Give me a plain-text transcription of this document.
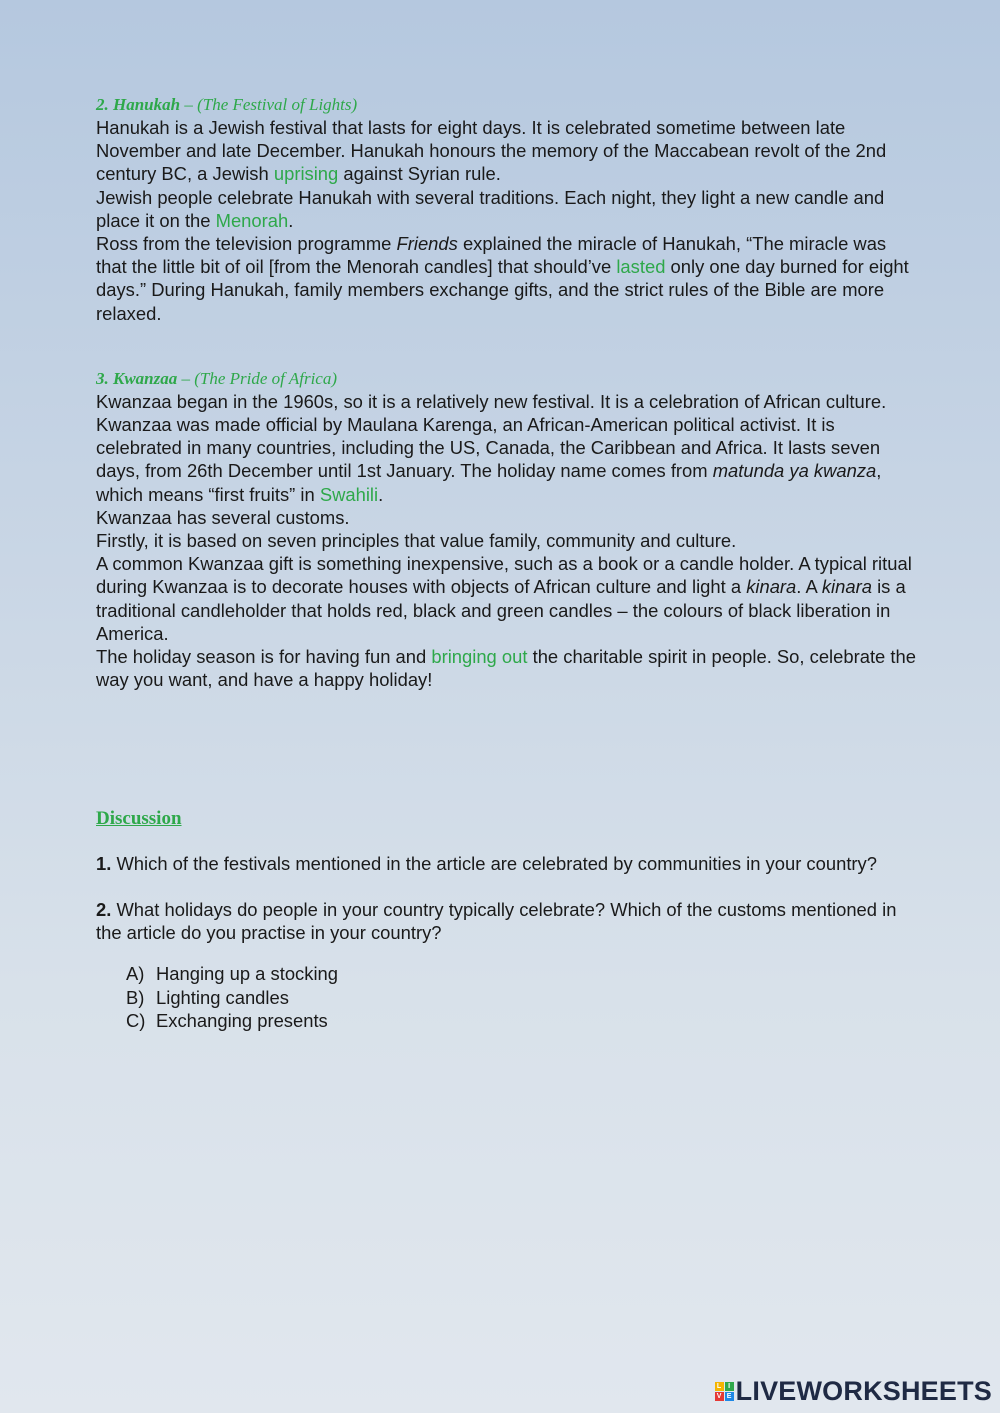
2. Hanukah – (The Festival of Lights)

Hanukah is a Jewish festival that lasts for eight days. It is celebrated sometime between late November and late December. Hanukah honours the memory of the Maccabean revolt of the 2nd century BC, a Jewish uprising against Syrian rule.

Jewish people celebrate Hanukah with several traditions. Each night, they light a new candle and place it on the Menorah.

Ross from the television programme Friends explained the miracle of Hanukah, “The miracle was that the little bit of oil [from the Menorah candles] that should’ve lasted only one day burned for eight days.” During Hanukah, family members exchange gifts, and the strict rules of the Bible are more relaxed.

3. Kwanzaa – (The Pride of Africa)

Kwanzaa began in the 1960s, so it is a relatively new festival. It is a celebration of African culture. Kwanzaa was made official by Maulana Karenga, an African-American political activist. It is celebrated in many countries, including the US, Canada, the Caribbean and Africa. It lasts seven days, from 26th December until 1st January. The holiday name comes from matunda ya kwanza, which means “first fruits” in Swahili.

Kwanzaa has several customs.

Firstly, it is based on seven principles that value family, community and culture.

A common Kwanzaa gift is something inexpensive, such as a book or a candle holder. A typical ritual during Kwanzaa is to decorate houses with objects of African culture and light a kinara. A kinara is a traditional candleholder that holds red, black and green candles – the colours of black liberation in America.

The holiday season is for having fun and bringing out the charitable spirit in people. So, celebrate the way you want, and have a happy holiday!

Discussion

1. Which of the festivals mentioned in the article are celebrated by communities in your country?

2. What holidays do people in your country typically celebrate? Which of the customs mentioned in the article do you practise in your country?

A) Hanging up a stocking
B) Lighting candles
C) Exchanging presents
L I
V E LIVEWORKSHEETS
